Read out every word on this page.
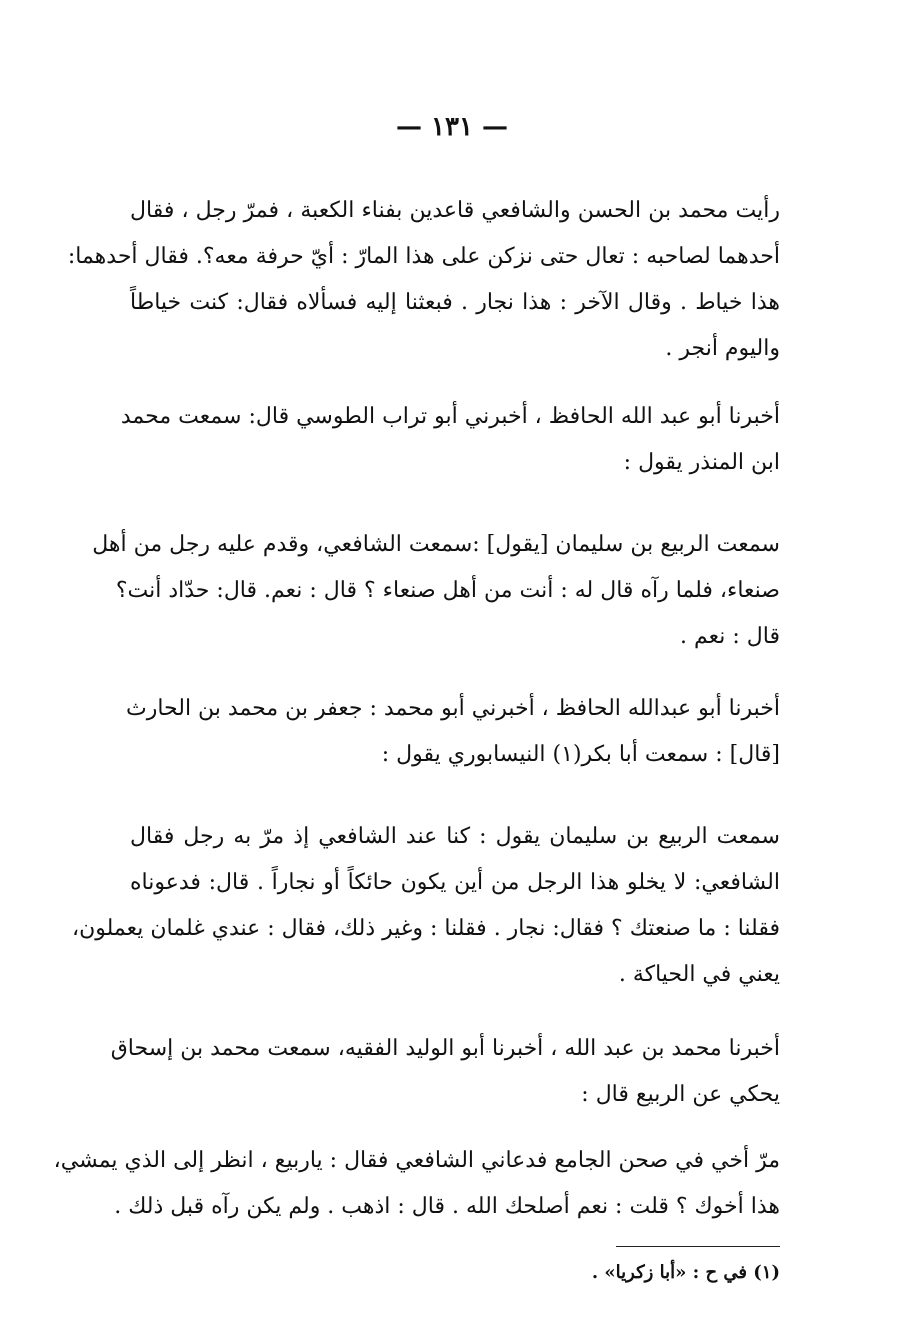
— ١٣١ —
رأيت محمد بن الحسن والشافعي قاعدين بفناء الكعبة ، فمرّ رجل ، فقال
أحدهما لصاحبه : تعال حتى نزكن على هذا المارّ : أيّ حرفة معه؟. فقال أحدهما:
هذا خياط . وقال الآخر : هذا نجار . فبعثنا إليه فسألاه فقال: كنت خياطاً
واليوم أنجر .
أخبرنا أبو عبد الله الحافظ ، أخبرني أبو تراب الطوسي قال: سمعت محمد
ابن المنذر يقول :
سمعت الربيع بن سليمان [يقول] :سمعت الشافعي، وقدم عليه رجل من أهل
صنعاء، فلما رآه قال له : أنت من أهل صنعاء ؟ قال : نعم. قال: حدّاد أنت؟
قال : نعم .
أخبرنا أبو عبدالله الحافظ ، أخبرني أبو محمد : جعفر بن محمد بن الحارث
[قال] : سمعت أبا بكر(١) النيسابوري يقول :
سمعت الربيع بن سليمان يقول : كنا عند الشافعي إذ مرّ به رجل فقال
الشافعي: لا يخلو هذا الرجل من أين يكون حائكاً أو نجاراً . قال: فدعوناه
فقلنا : ما صنعتك ؟ فقال: نجار . فقلنا : وغير ذلك، فقال : عندي غلمان يعملون،
يعني في الحياكة .
أخبرنا محمد بن عبد الله ، أخبرنا أبو الوليد الفقيه، سمعت محمد بن إسحاق
يحكي عن الربيع قال :
مرّ أخي في صحن الجامع فدعاني الشافعي فقال : ياربيع ، انظر إلى الذي يمشي،
هذا أخوك ؟ قلت : نعم أصلحك الله . قال : اذهب . ولم يكن رآه قبل ذلك .
(١) في ح : «أبا زكريا» .
